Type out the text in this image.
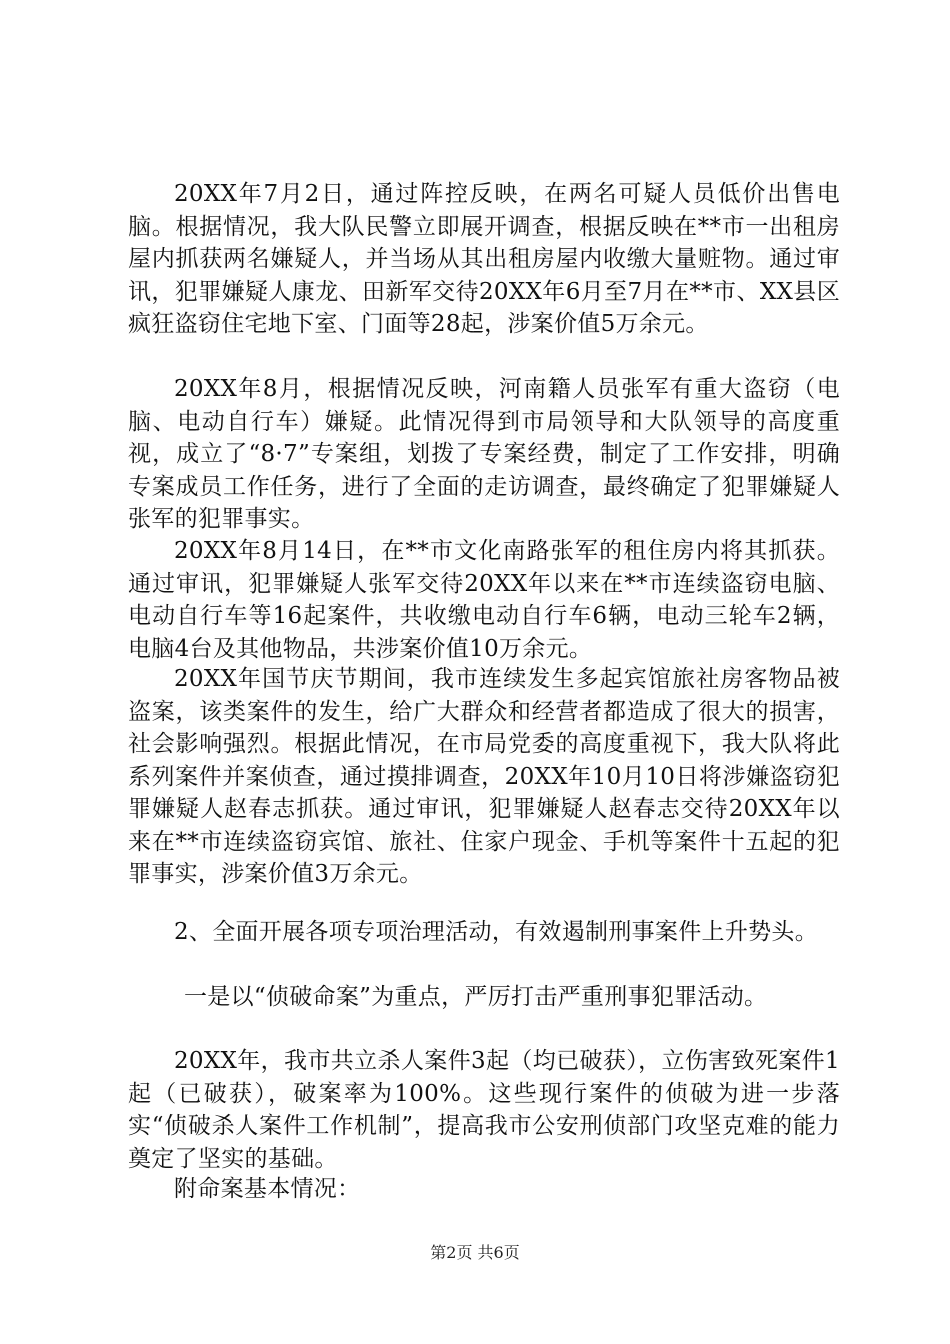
20XX年7月2日，通过阵控反映，在两名可疑人员低价出售电脑。根据情况，我大队民警立即展开调查，根据反映在**市一出租房屋内抓获两名嫌疑人，并当场从其出租房屋内收缴大量赃物。通过审讯，犯罪嫌疑人康龙、田新军交待20XX年6月至7月在**市、XX县区疯狂盗窃住宅地下室、门面等28起，涉案价值5万余元。

20XX年8月，根据情况反映，河南籍人员张军有重大盗窃（电脑、电动自行车）嫌疑。此情况得到市局领导和大队领导的高度重视，成立了“8·7”专案组，划拨了专案经费，制定了工作安排，明确专案成员工作任务，进行了全面的走访调查，最终确定了犯罪嫌疑人张军的犯罪事实。

20XX年8月14日，在**市文化南路张军的租住房内将其抓获。通过审讯，犯罪嫌疑人张军交待20XX年以来在**市连续盗窃电脑、电动自行车等16起案件，共收缴电动自行车6辆，电动三轮车2辆，电脑4台及其他物品，共涉案价值10万余元。

20XX年国节庆节期间，我市连续发生多起宾馆旅社房客物品被盗案，该类案件的发生，给广大群众和经营者都造成了很大的损害，社会影响强烈。根据此情况，在市局党委的高度重视下，我大队将此系列案件并案侦查，通过摸排调查，20XX年10月10日将涉嫌盗窃犯罪嫌疑人赵春志抓获。通过审讯，犯罪嫌疑人赵春志交待20XX年以来在**市连续盗窃宾馆、旅社、住家户现金、手机等案件十五起的犯罪事实，涉案价值3万余元。

2、全面开展各项专项治理活动，有效遏制刑事案件上升势头。

一是以“侦破命案”为重点，严厉打击严重刑事犯罪活动。

20XX年，我市共立杀人案件3起（均已破获），立伤害致死案件1起（已破获），破案率为100%。这些现行案件的侦破为进一步落实“侦破杀人案件工作机制”，提高我市公安刑侦部门攻坚克难的能力奠定了坚实的基础。

附命案基本情况：

第2页 共6页
